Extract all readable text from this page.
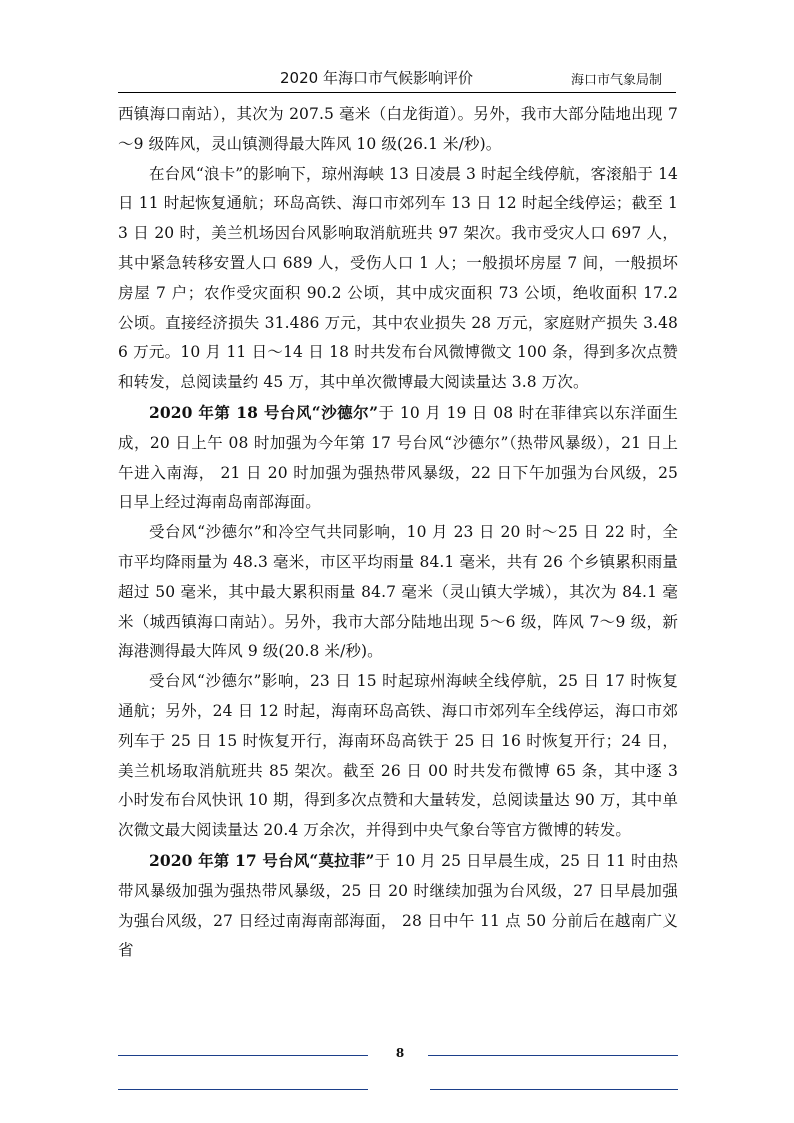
2020 年海口市气候影响评价	海口市气象局制

西镇海口南站），其次为 207.5 毫米（白龙街道）。另外，我市大部分陆地出现 7～9 级阵风，灵山镇测得最大阵风 10 级(26.1 米/秒)。

在台风“浪卡”的影响下，琼州海峡 13 日凌晨 3 时起全线停航，客滚船于 14 日 11 时起恢复通航；环岛高铁、海口市郊列车 13 日 12 时起全线停运；截至 13 日 20 时，美兰机场因台风影响取消航班共 97 架次。我市受灾人口 697 人，其中紧急转移安置人口 689 人，受伤人口 1 人；一般损坏房屋 7 间，一般损坏房屋 7 户；农作受灾面积 90.2 公顷，其中成灾面积 73 公顷，绝收面积 17.2 公顷。直接经济损失 31.486 万元，其中农业损失 28 万元，家庭财产损失 3.486 万元。10 月 11 日～14 日 18 时共发布台风微博微文 100 条，得到多次点赞和转发，总阅读量约 45 万，其中单次微博最大阅读量达 3.8 万次。

2020 年第 18 号台风“沙德尔”于 10 月 19 日 08 时在菲律宾以东洋面生成，20 日上午 08 时加强为今年第 17 号台风“沙德尔”（热带风暴级），21 日上午进入南海， 21 日 20 时加强为强热带风暴级，22 日下午加强为台风级，25 日早上经过海南岛南部海面。

受台风“沙德尔”和冷空气共同影响，10 月 23 日 20 时～25 日 22 时，全市平均降雨量为 48.3 毫米，市区平均雨量 84.1 毫米，共有 26 个乡镇累积雨量超过 50 毫米，其中最大累积雨量 84.7 毫米（灵山镇大学城），其次为 84.1 毫米（城西镇海口南站）。另外，我市大部分陆地出现 5～6 级，阵风 7～9 级，新海港测得最大阵风 9 级(20.8 米/秒)。

受台风“沙德尔”影响，23 日 15 时起琼州海峡全线停航，25 日 17 时恢复通航；另外，24 日 12 时起，海南环岛高铁、海口市郊列车全线停运，海口市郊列车于 25 日 15 时恢复开行，海南环岛高铁于 25 日 16 时恢复开行；24 日，美兰机场取消航班共 85 架次。截至 26 日 00 时共发布微博 65 条，其中逐 3 小时发布台风快讯 10 期，得到多次点赞和大量转发，总阅读量达 90 万，其中单次微文最大阅读量达 20.4 万余次，并得到中央气象台等官方微博的转发。

2020 年第 17 号台风“莫拉菲”于 10 月 25 日早晨生成，25 日 11 时由热带风暴级加强为强热带风暴级，25 日 20 时继续加强为台风级，27 日早晨加强为强台风级，27 日经过南海南部海面， 28 日中午 11 点 50 分前后在越南广义省

8
